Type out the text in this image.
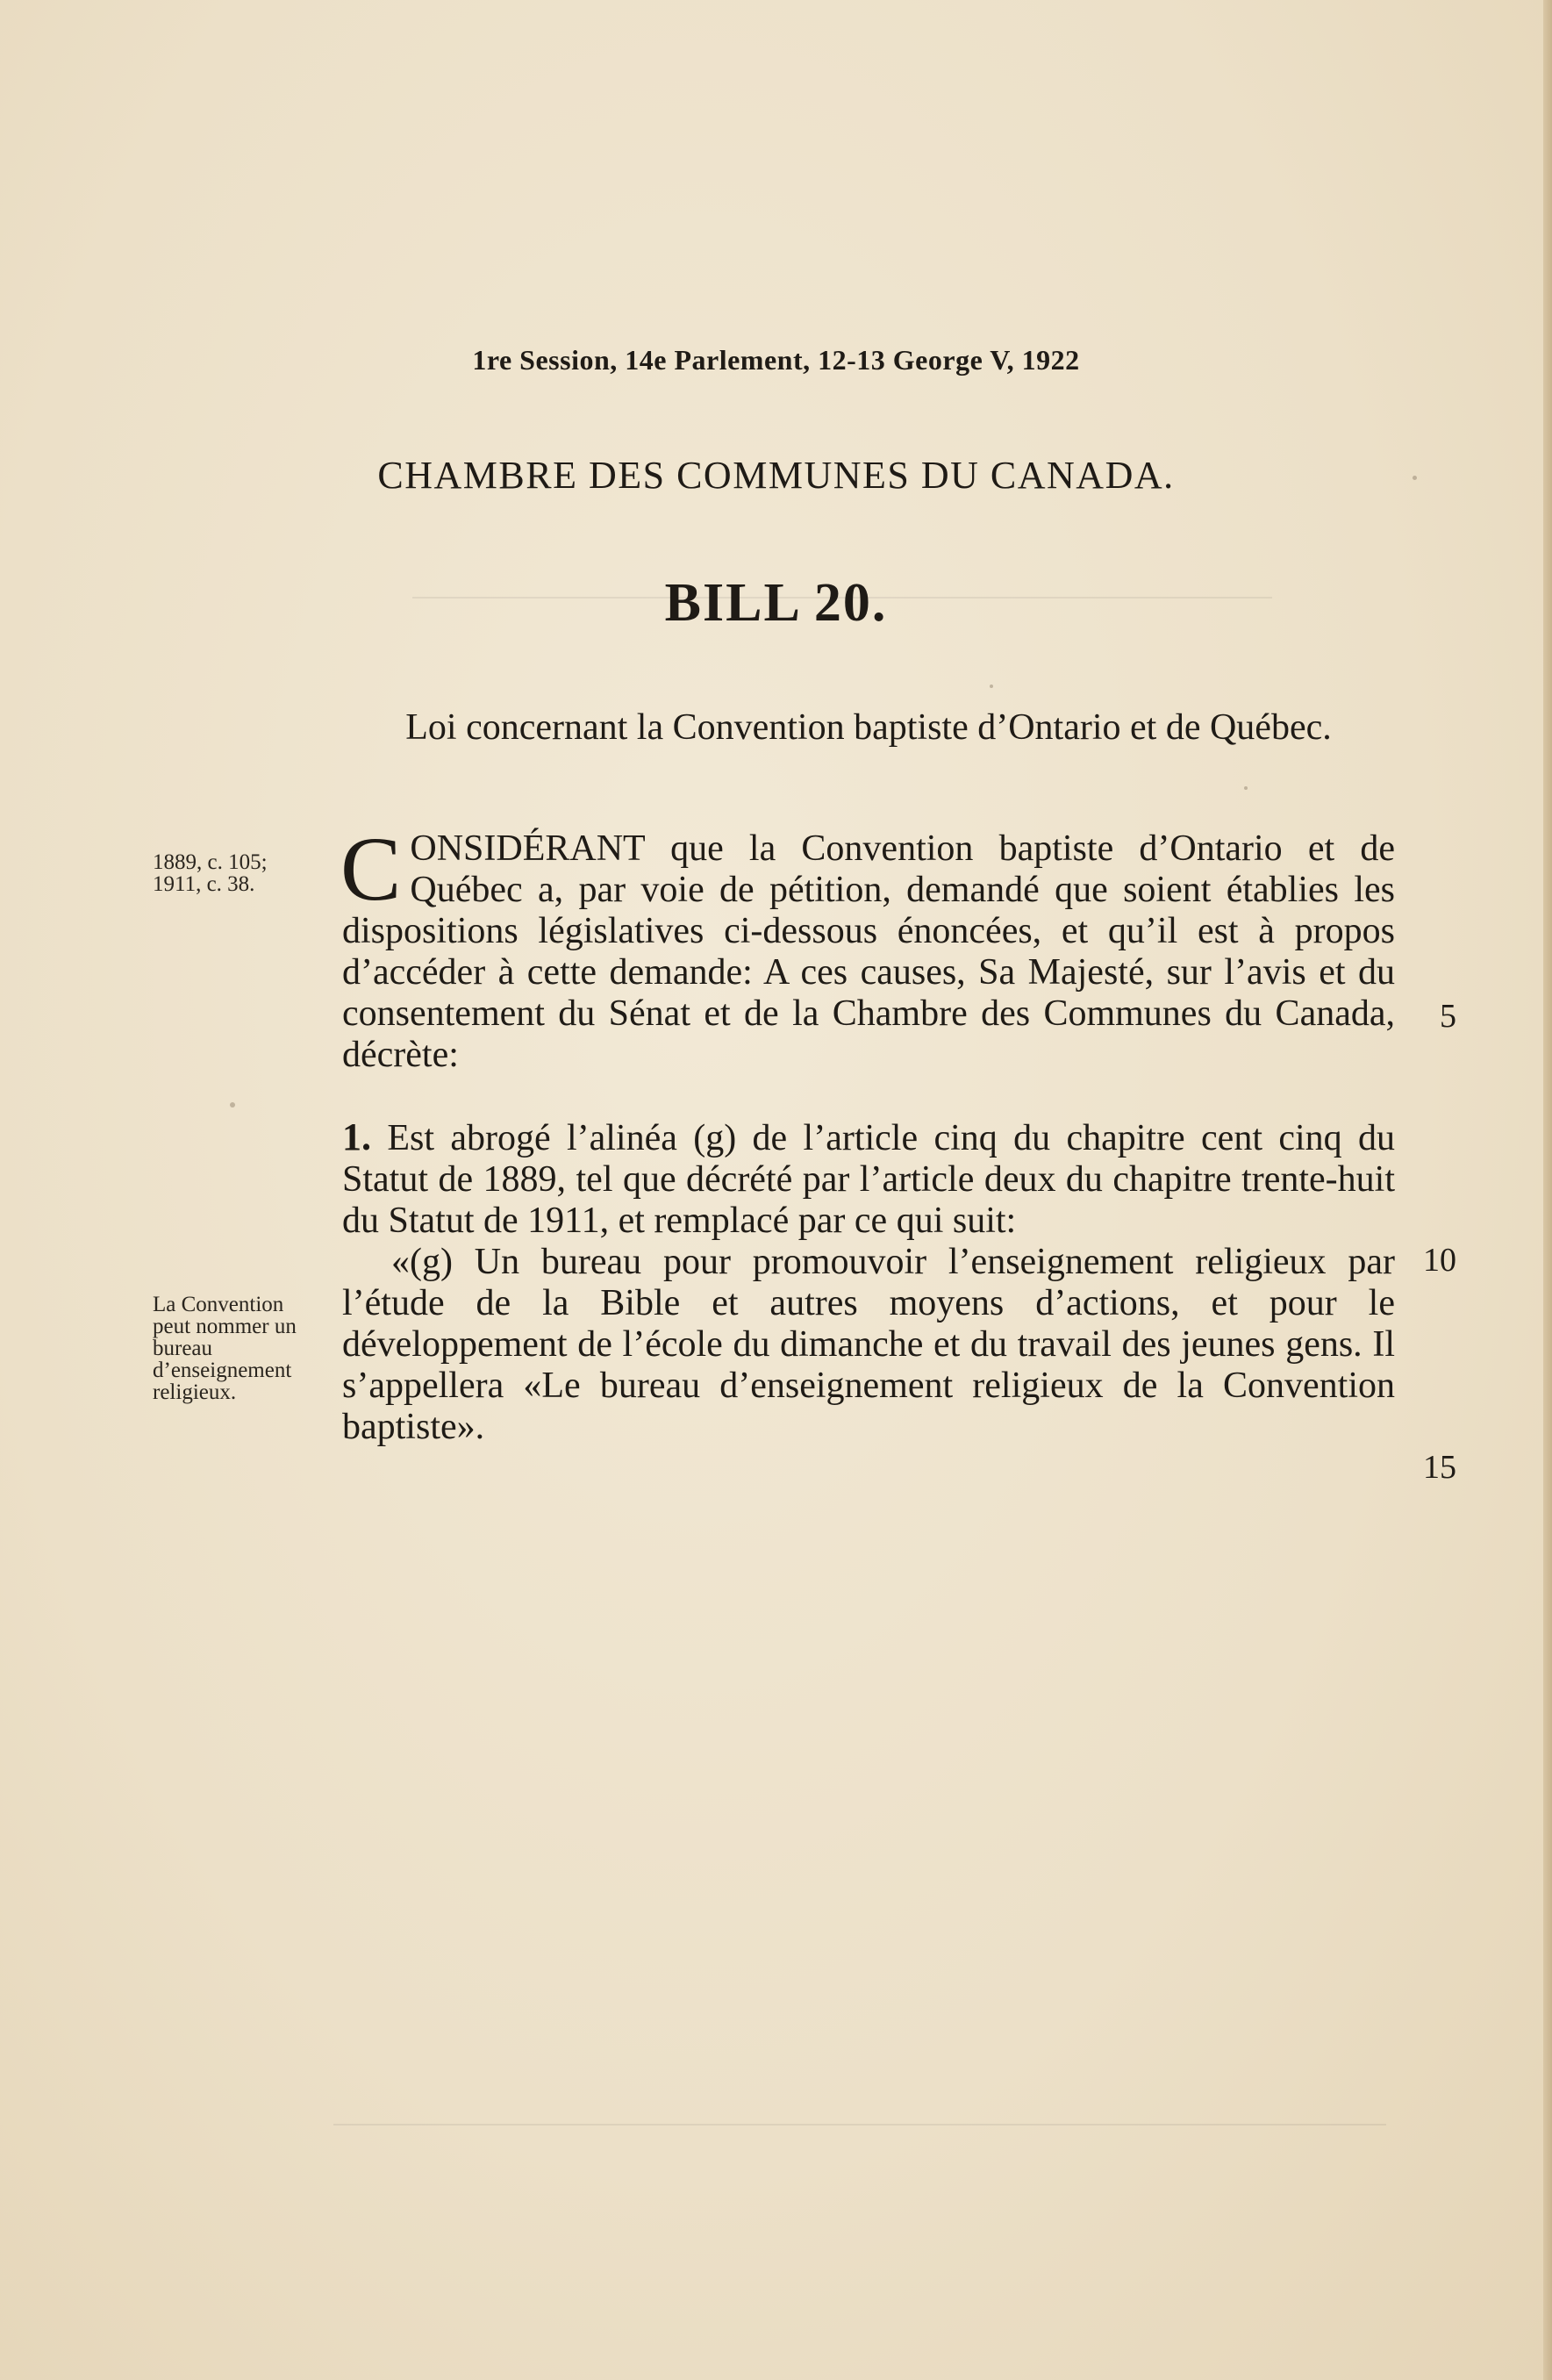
1re Session, 14e Parlement, 12-13 George V, 1922
CHAMBRE DES COMMUNES DU CANADA.
BILL 20.
Loi concernant la Convention baptiste d’Ontario et de Québec.
1889, c. 105; 1911, c. 38. CONSIDÉRANT que la Convention baptiste d’Ontario et de Québec a, par voie de pétition, demandé que soient établies les dispositions législatives ci-dessous énoncées, et qu’il est à propos d’accéder à cette demande: A ces causes, Sa Majesté, sur l’avis et du consentement du Sénat et de la Chambre des Communes du Canada, décrète:
5
1. Est abrogé l’alinéa (g) de l’article cinq du chapitre cent cinq du Statut de 1889, tel que décrété par l’article deux du chapitre trente-huit du Statut de 1911, et remplacé par ce qui suit:
«(g) Un bureau pour promouvoir l’enseignement religieux par l’étude de la Bible et autres moyens d’actions, et pour le développement de l’école du dimanche et du travail des jeunes gens. Il s’appellera «Le bureau d’enseignement religieux de la Convention baptiste».
10
15
La Convention peut nommer un bureau d’enseignement religieux.
